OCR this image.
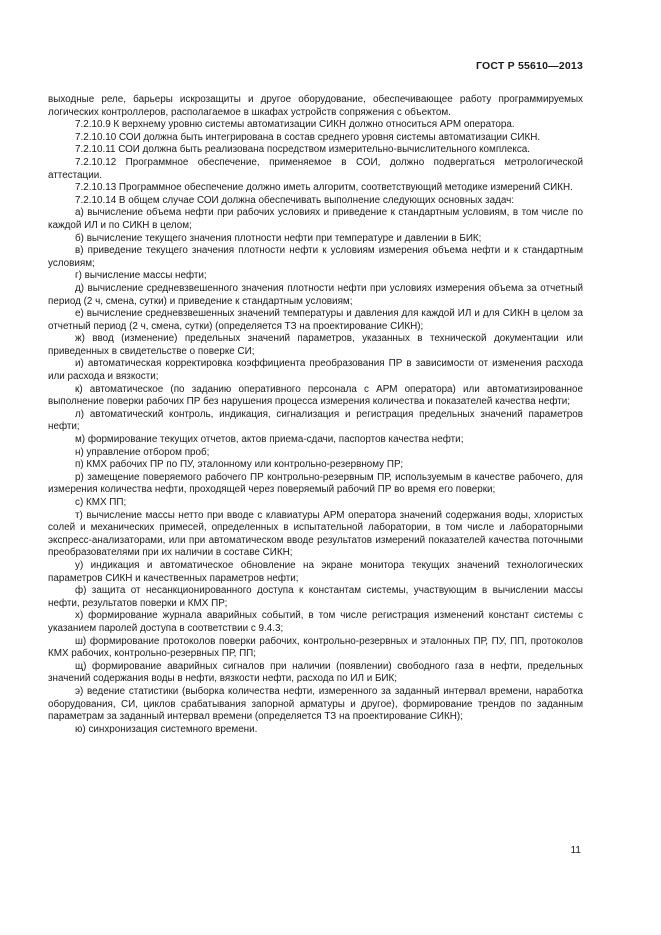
ГОСТ Р 55610—2013

выходные реле, барьеры искрозащиты и другое оборудование, обеспечивающее работу программируемых логических контроллеров, располагаемое в шкафах устройств сопряжения с объектом.

7.2.10.9 К верхнему уровню системы автоматизации СИКН должно относиться АРМ оператора.

7.2.10.10 СОИ должна быть интегрирована в состав среднего уровня системы автоматизации СИКН.

7.2.10.11 СОИ должна быть реализована посредством измерительно-вычислительного комплекса.

7.2.10.12 Программное обеспечение, применяемое в СОИ, должно подвергаться метрологической аттестации.

7.2.10.13 Программное обеспечение должно иметь алгоритм, соответствующий методике измерений СИКН.

7.2.10.14 В общем случае СОИ должна обеспечивать выполнение следующих основных задач:

а) вычисление объема нефти при рабочих условиях и приведение к стандартным условиям, в том числе по каждой ИЛ и по СИКН в целом;

б) вычисление текущего значения плотности нефти при температуре и давлении в БИК;

в) приведение текущего значения плотности нефти к условиям измерения объема нефти и к стандартным условиям;

г) вычисление массы нефти;

д) вычисление средневзвешенного значения плотности нефти при условиях измерения объема за отчетный период (2 ч, смена, сутки) и приведение к стандартным условиям;

е) вычисление средневзвешенных значений температуры и давления для каждой ИЛ и для СИКН в целом за отчетный период (2 ч, смена, сутки) (определяется ТЗ на проектирование СИКН);

ж) ввод (изменение) предельных значений параметров, указанных в технической документации или приведенных в свидетельстве о поверке СИ;

и) автоматическая корректировка коэффициента преобразования ПР в зависимости от изменения расхода или расхода и вязкости;

к) автоматическое (по заданию оперативного персонала с АРМ оператора) или автоматизированное выполнение поверки рабочих ПР без нарушения процесса измерения количества и показателей качества нефти;

л) автоматический контроль, индикация, сигнализация и регистрация предельных значений параметров нефти;

м) формирование текущих отчетов, актов приема-сдачи, паспортов качества нефти;

н) управление отбором проб;

п) КМХ рабочих ПР по ПУ, эталонному или контрольно-резервному ПР;

р) замещение поверяемого рабочего ПР контрольно-резервным ПР, используемым в качестве рабочего, для измерения количества нефти, проходящей через поверяемый рабочий ПР во время его поверки;

с) КМХ ПП;

т) вычисление массы нетто при вводе с клавиатуры АРМ оператора значений содержания воды, хлористых солей и механических примесей, определенных в испытательной лаборатории, в том числе и лабораторными экспресс-анализаторами, или при автоматическом вводе результатов измерений показателей качества поточными преобразователями при их наличии в составе СИКН;

у) индикация и автоматическое обновление на экране монитора текущих значений технологических параметров СИКН и качественных параметров нефти;

ф) защита от несанкционированного доступа к константам системы, участвующим в вычислении массы нефти, результатов поверки и КМХ ПР;

х) формирование журнала аварийных событий, в том числе регистрация изменений констант системы с указанием паролей доступа в соответствии с 9.4.3;

ш) формирование протоколов поверки рабочих, контрольно-резервных и эталонных ПР, ПУ, ПП, протоколов КМХ рабочих, контрольно-резервных ПР, ПП;

щ) формирование аварийных сигналов при наличии (появлении) свободного газа в нефти, предельных значений содержания воды в нефти, вязкости нефти, расхода по ИЛ и БИК;

э) ведение статистики (выборка количества нефти, измеренного за заданный интервал времени, наработка оборудования, СИ, циклов срабатывания запорной арматуры и другое), формирование трендов по заданным параметрам за заданный интервал времени (определяется ТЗ на проектирование СИКН);

ю) синхронизация системного времени.

11
